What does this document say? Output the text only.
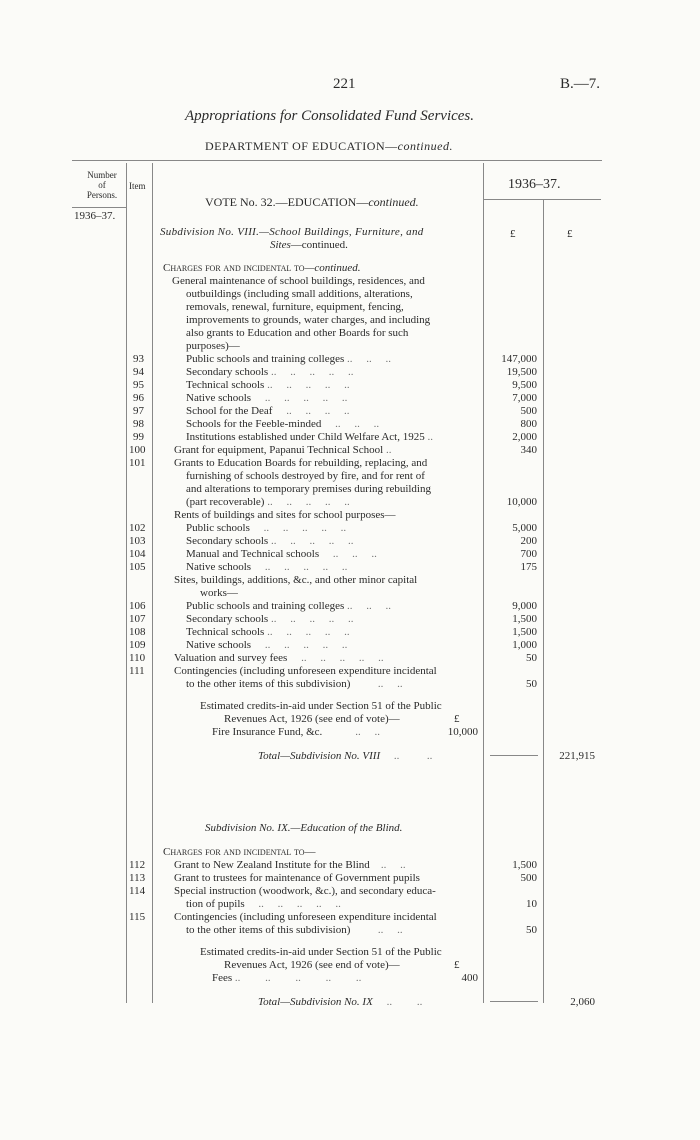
221	B.—7.
Appropriations for Consolidated Fund Services.
DEPARTMENT OF EDUCATION—continued.
Number
of
Persons.
Item
1936–37.
1936–37.
£	£
VOTE No. 32.—EDUCATION—continued.
Subdivision No. VIII.—School Buildings, Furniture, and
Sites—continued.
Charges for and incidental to—continued.
General maintenance of school buildings, residences, and
outbuildings (including small additions, alterations,
removals, renewal, furniture, equipment, fencing,
improvements to grounds, water charges, and including
also grants to Education and other Boards for such
purposes)—
93	Public schools and training colleges ..     ..     ..	147,000
94	Secondary schools ..     ..     ..     ..     ..	19,500
95	Technical schools ..     ..     ..     ..     ..	9,500
96	Native schools     ..     ..     ..     ..     ..	7,000
97	School for the Deaf     ..     ..     ..     ..	500
98	Schools for the Feeble-minded     ..     ..     ..	800
99	Institutions established under Child Welfare Act, 1925 ..	2,000
100	Grant for equipment, Papanui Technical School ..	340
101	Grants to Education Boards for rebuilding, replacing, and
furnishing of schools destroyed by fire, and for rent of
and alterations to temporary premises during rebuilding
(part recoverable) ..     ..     ..     ..     ..	10,000
Rents of buildings and sites for school purposes—
102	Public schools     ..     ..     ..     ..     ..	5,000
103	Secondary schools ..     ..     ..     ..     ..	200
104	Manual and Technical schools     ..     ..     ..	700
105	Native schools     ..     ..     ..     ..     ..	175
Sites, buildings, additions, &c., and other minor capital
works—
106	Public schools and training colleges ..     ..     ..	9,000
107	Secondary schools ..     ..     ..     ..     ..	1,500
108	Technical schools ..     ..     ..     ..     ..	1,500
109	Native schools     ..     ..     ..     ..     ..	1,000
110	Valuation and survey fees     ..     ..     ..     ..     ..	50
111	Contingencies (including unforeseen expenditure incidental
to the other items of this subdivision)          ..     ..	50
Estimated credits-in-aid under Section 51 of the Public
Revenues Act, 1926 (see end of vote)—	£
Fire Insurance Fund, &c.            ..     ..	10,000
Total—Subdivision No. VIII     ..          ..	221,915
Subdivision No. IX.—Education of the Blind.
Charges for and incidental to—
112	Grant to New Zealand Institute for the Blind    ..     ..	1,500
113	Grant to trustees for maintenance of Government pupils	500
114	Special instruction (woodwork, &c.), and secondary educa-
tion of pupils     ..     ..     ..     ..     ..	10
115	Contingencies (including unforeseen expenditure incidental
to the other items of this subdivision)          ..     ..	50
Estimated credits-in-aid under Section 51 of the Public
Revenues Act, 1926 (see end of vote)—	£
Fees ..         ..         ..         ..         ..	400
Total—Subdivision No. IX     ..         ..	2,060
